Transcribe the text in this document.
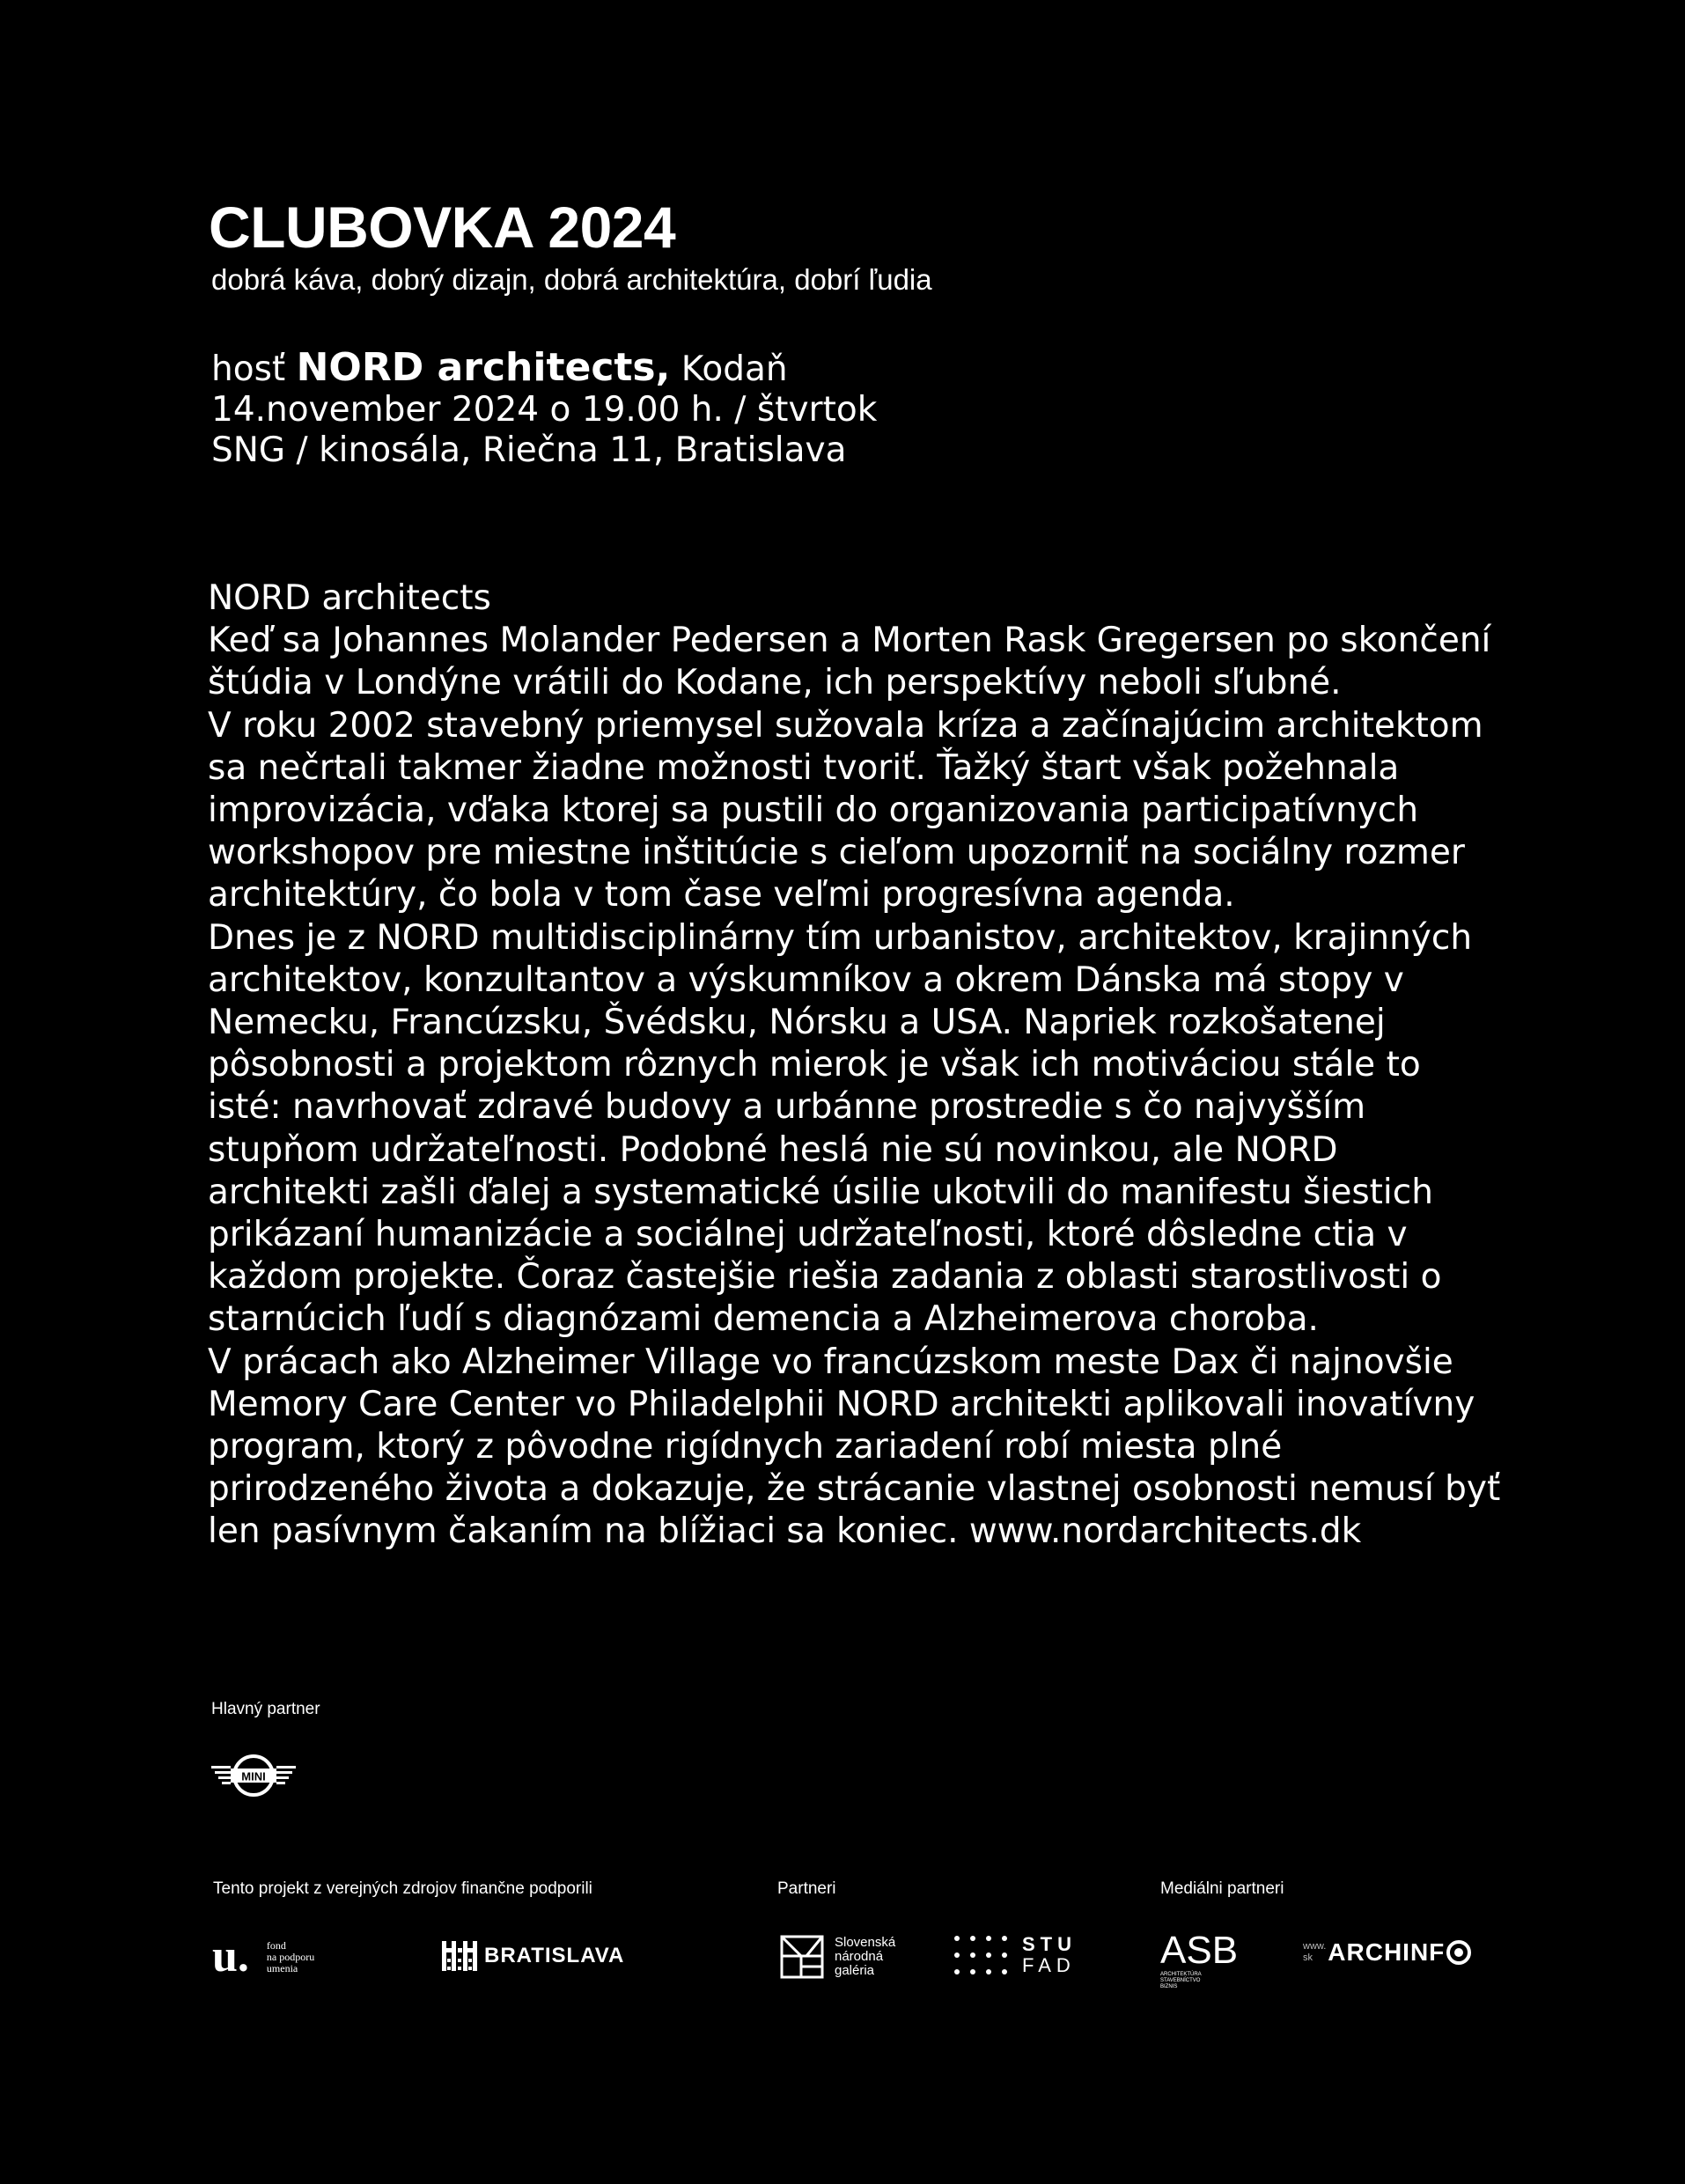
CLUBOVKA 2024
dobrá káva, dobrý dizajn, dobrá architektúra, dobrí ľudia
hosť NORD architects, Kodaň
14.november 2024 o 19.00 h. / štvrtok
SNG / kinosála, Riečna 11, Bratislava

NORD architects

Keď sa Johannes Molander Pedersen a Morten Rask Gregersen po skončení štúdia v Londýne vrátili do Kodane, ich perspektívy neboli sľubné.

V roku 2002 stavebný priemysel sužovala kríza a začínajúcim architektom sa nečrtali takmer žiadne možnosti tvoriť. Ťažký štart však požehnala improvizácia, vďaka ktorej sa pustili do organizovania participatívnych workshopov pre miestne inštitúcie s cieľom upozorniť na sociálny rozmer architektúry, čo bola v tom čase veľmi progresívna agenda.

Dnes je z NORD multidisciplinárny tím urbanistov, architektov, krajinných architektov, konzultantov a výskumníkov a okrem Dánska má stopy v Nemecku, Francúzsku, Švédsku, Nórsku a USA. Napriek rozkošatenej pôsobnosti a projektom rôznych mierok je však ich motiváciou stále to isté: navrhovať zdravé budovy a urbánne prostredie s čo najvyšším stupňom udržateľnosti. Podobné heslá nie sú novinkou, ale NORD architekti zašli ďalej a systematické úsilie ukotvili do manifestu šiestich prikázaní humanizácie a sociálnej udržateľnosti, ktoré dôsledne ctia v každom projekte. Čoraz častejšie riešia zadania z oblasti starostlivosti o starnúcich ľudí s diagnózami demencia a Alzheimerova choroba.

V prácach ako Alzheimer Village vo francúzskom meste Dax či najnovšie Memory Care Center vo Philadelphii NORD architekti aplikovali inovatívny program, ktorý z pôvodne rigídnych zariadení robí miesta plné prirodzeného života a dokazuje, že strácanie vlastnej osobnosti nemusí byť len pasívnym čakaním na blížiaci sa koniec. www.nordarchitects.dk

Hlavný partner
MINI
Tento projekt z verejných zdrojov finančne podporili	Partneri	Mediálni partneri
u. fond
na podporu
umenia
BRATISLAVA
Slovenská
národná
galéria
STU
FAD ASB
ARCHITEKTÚRA
STAVEBNÍCTVO
BIZNIS
www.
sk ARCHINF
